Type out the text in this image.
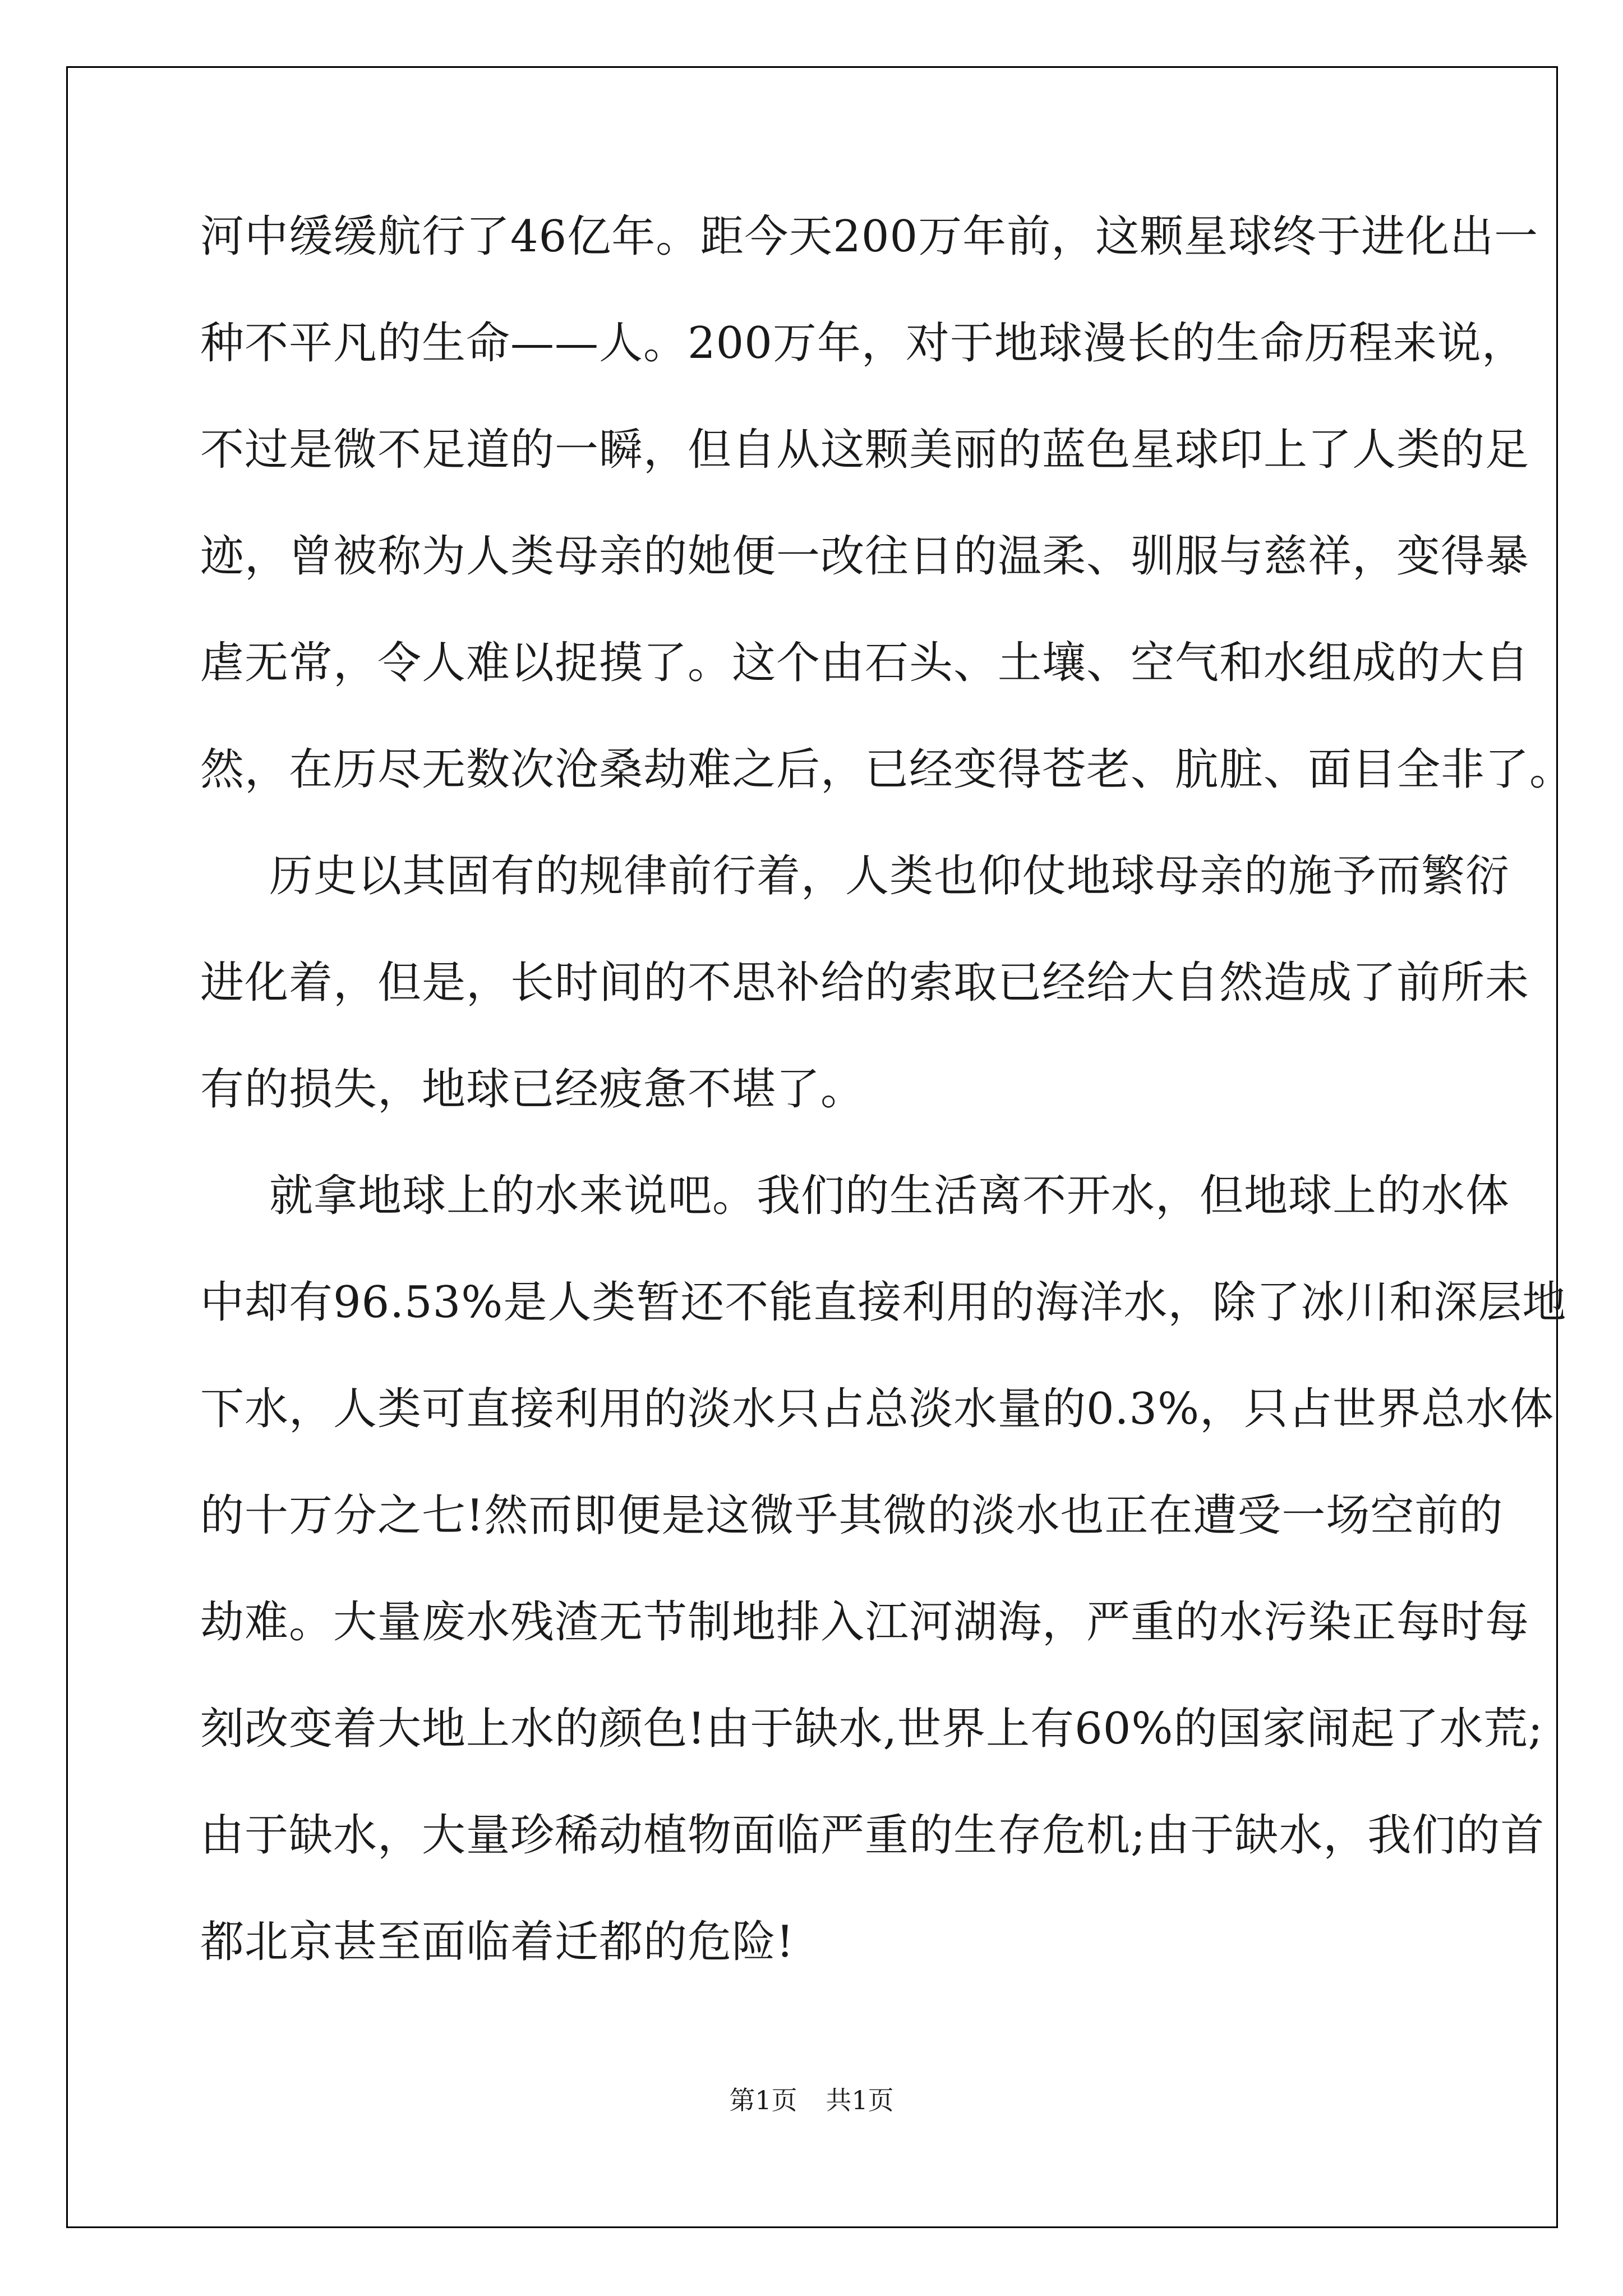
河中缓缓航行了46亿年。距今天200万年前，这颗星球终于进化出一
种不平凡的生命——人。200万年，对于地球漫长的生命历程来说，
不过是微不足道的一瞬，但自从这颗美丽的蓝色星球印上了人类的足
迹，曾被称为人类母亲的她便一改往日的温柔、驯服与慈祥，变得暴
虐无常，令人难以捉摸了。这个由石头、土壤、空气和水组成的大自
然，在历尽无数次沧桑劫难之后，已经变得苍老、肮脏、面目全非了。
历史以其固有的规律前行着，人类也仰仗地球母亲的施予而繁衍
进化着，但是，长时间的不思补给的索取已经给大自然造成了前所未
有的损失，地球已经疲惫不堪了。
就拿地球上的水来说吧。我们的生活离不开水，但地球上的水体
中却有96.53%是人类暂还不能直接利用的海洋水，除了冰川和深层地
下水，人类可直接利用的淡水只占总淡水量的0.3%，只占世界总水体
的十万分之七!然而即便是这微乎其微的淡水也正在遭受一场空前的
劫难。大量废水残渣无节制地排入江河湖海，严重的水污染正每时每
刻改变着大地上水的颜色!由于缺水,世界上有60%的国家闹起了水荒;
由于缺水，大量珍稀动植物面临严重的生存危机;由于缺水，我们的首
都北京甚至面临着迁都的危险!
第1页 共1页
